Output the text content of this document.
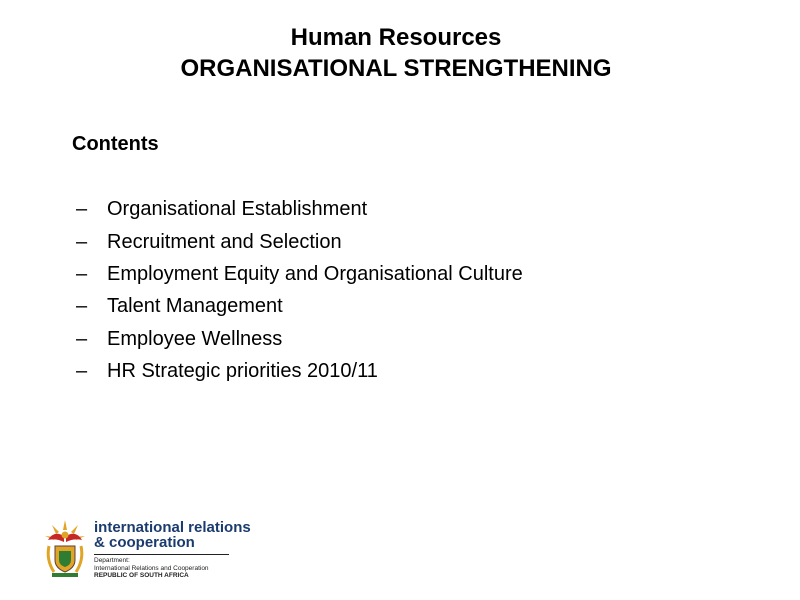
Human Resources
ORGANISATIONAL STRENGTHENING
Contents
– Organisational Establishment
– Recruitment and Selection
– Employment Equity and Organisational Culture
– Talent Management
– Employee Wellness
– HR Strategic priorities 2010/11
international relations
& cooperation
Department:
International Relations and Cooperation
REPUBLIC OF SOUTH AFRICA
